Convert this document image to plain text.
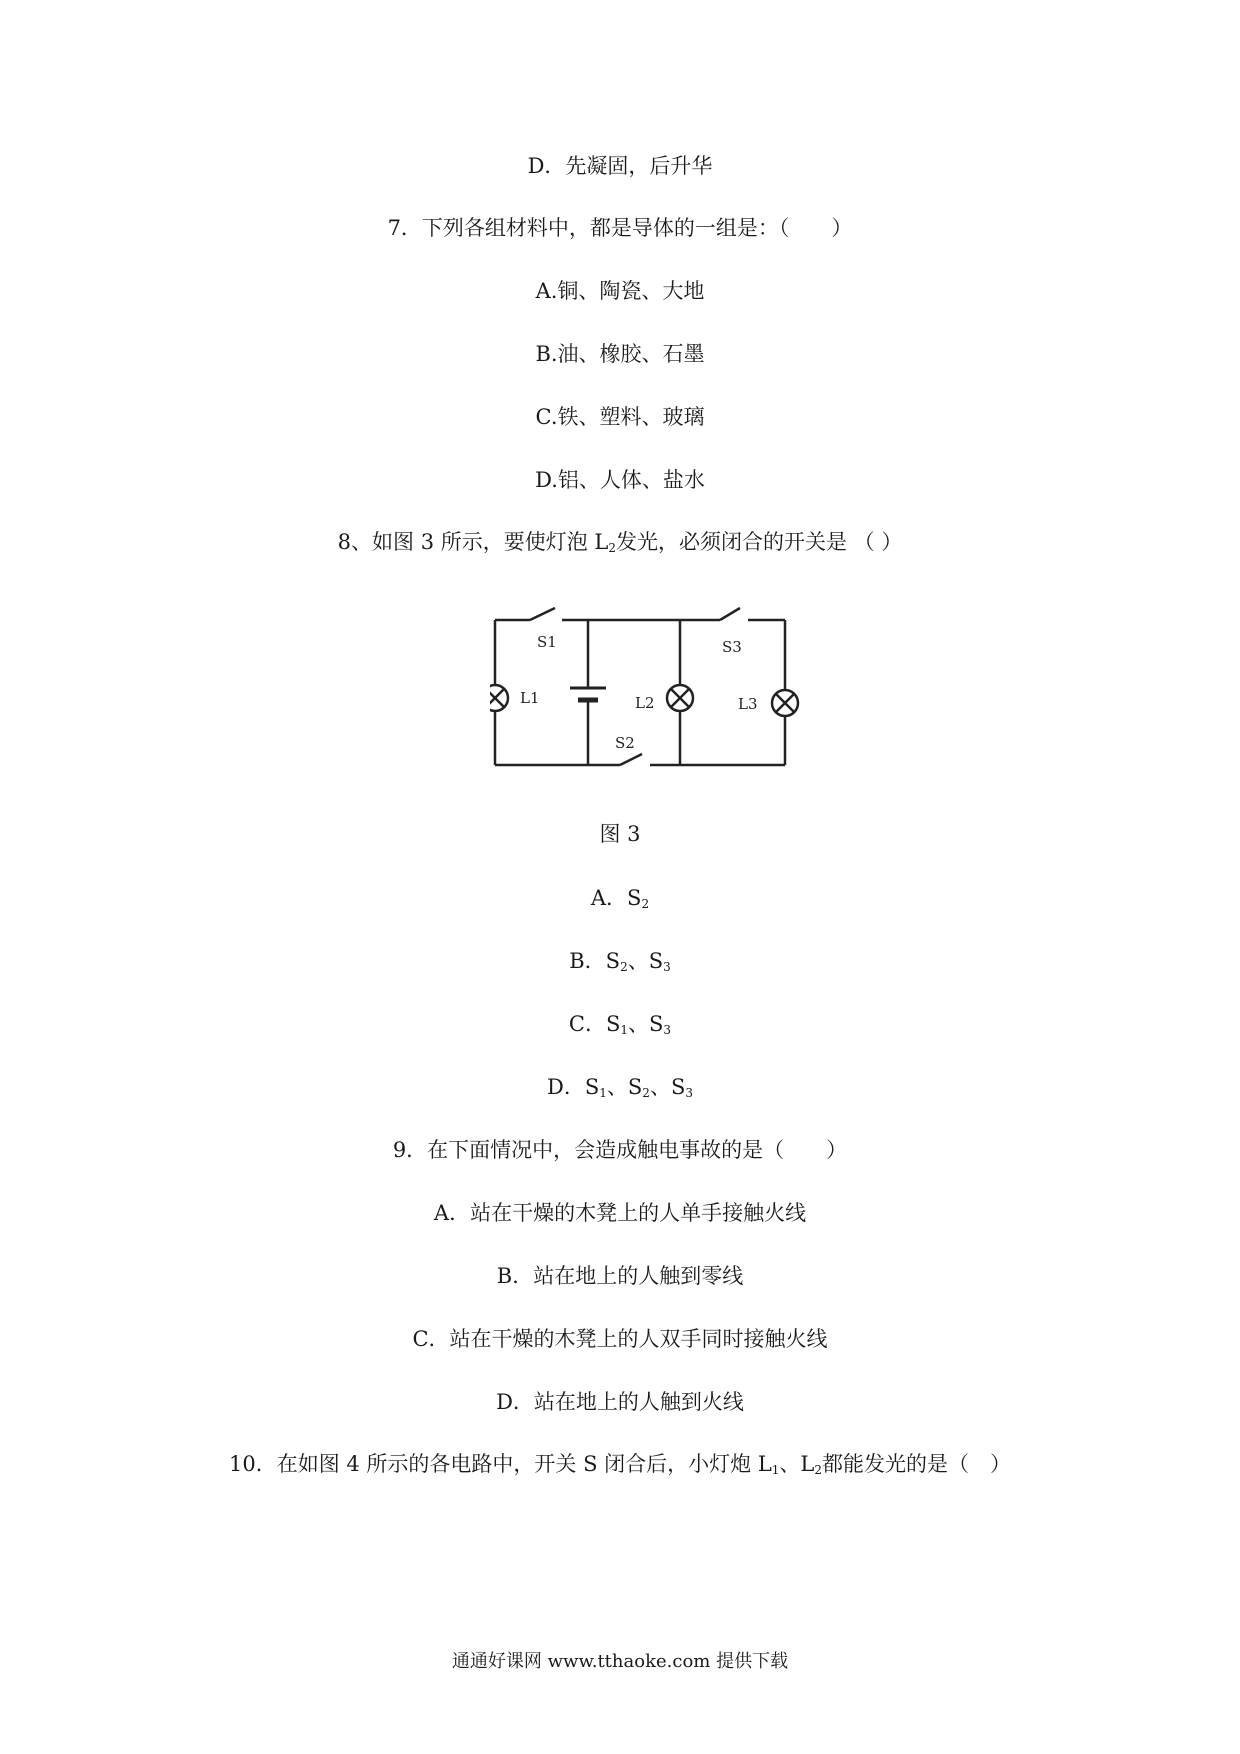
D．先凝固，后升华
7．下列各组材料中，都是导体的一组是：（　　）
A.铜、陶瓷、大地
B.油、橡胶、石墨
C.铁、塑料、玻璃
D.铝、人体、盐水
8、如图 3 所示，要使灯泡 $L_2$发光，必须闭合的开关是 （ ）
S1
L1	L2
S3
L3
S2
图 3
A．$S_2$
B．$S_2$、$S_3$
C．$S_1$、$S_3$
D．$S_1$、$S_2$、$S_3$
9．在下面情况中，会造成触电事故的是（　　）
A．站在干燥的木凳上的人单手接触火线
B．站在地上的人触到零线
C．站在干燥的木凳上的人双手同时接触火线
D．站在地上的人触到火线
10．在如图 4 所示的各电路中，开关 S 闭合后，小灯炮 $L_1$、$L_2$都能发光的是（　）
通通好课网 www.tthaoke.com 提供下载
